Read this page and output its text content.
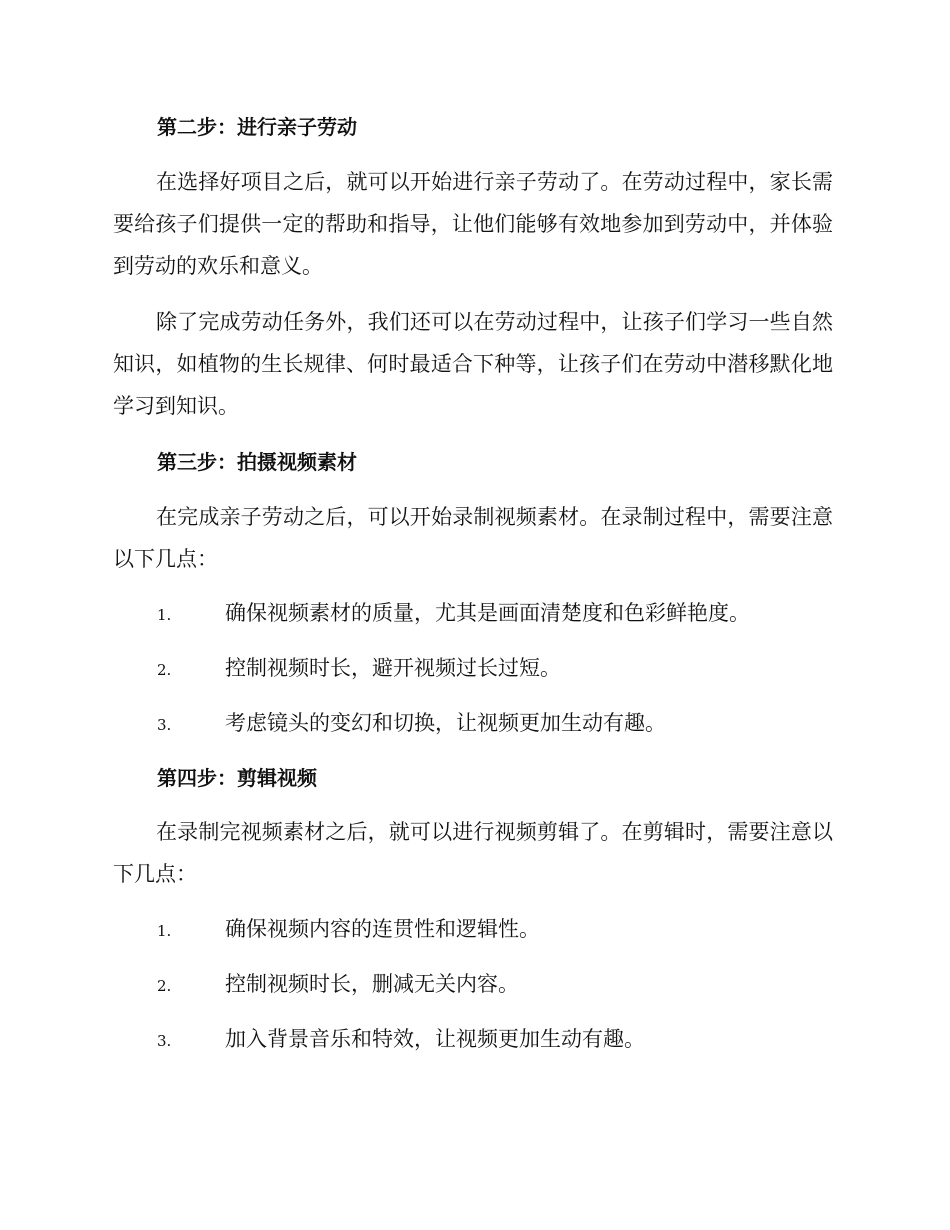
第二步：进行亲子劳动
在选择好项目之后，就可以开始进行亲子劳动了。在劳动过程中，家长需要给孩子们提供一定的帮助和指导，让他们能够有效地参加到劳动中，并体验到劳动的欢乐和意义。
除了完成劳动任务外，我们还可以在劳动过程中，让孩子们学习一些自然知识，如植物的生长规律、何时最适合下种等，让孩子们在劳动中潜移默化地学习到知识。
第三步：拍摄视频素材
在完成亲子劳动之后，可以开始录制视频素材。在录制过程中，需要注意以下几点：
1.	确保视频素材的质量，尤其是画面清楚度和色彩鲜艳度。
2.	控制视频时长，避开视频过长过短。
3.	考虑镜头的变幻和切换，让视频更加生动有趣。
第四步：剪辑视频
在录制完视频素材之后，就可以进行视频剪辑了。在剪辑时，需要注意以下几点：
1.	确保视频内容的连贯性和逻辑性。
2.	控制视频时长，删减无关内容。
3.	加入背景音乐和特效，让视频更加生动有趣。
